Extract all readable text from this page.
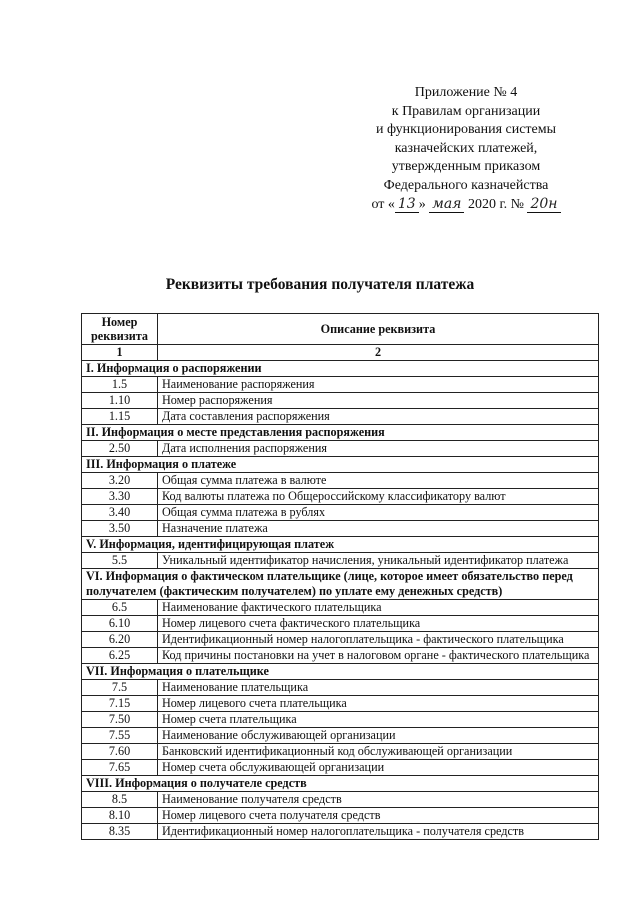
Приложение № 4
к Правилам организации
и функционирования системы
казначейских платежей,
утвержденным приказом
Федерального казначейства
от « 13 » мая 2020 г. № 20н
Реквизиты требования получателя платежа
Номер реквизита	Описание реквизита
1	2
I. Информация о распоряжении	
1.5	Наименование распоряжения
1.10	Номер распоряжения
1.15	Дата составления распоряжения
II. Информация о месте представления распоряжения	
2.50	Дата исполнения распоряжения
III. Информация о платеже	
3.20	Общая сумма платежа в валюте
3.30	Код валюты платежа по Общероссийскому классификатору валют
3.40	Общая сумма платежа в рублях
3.50	Назначение платежа
V. Информация, идентифицирующая платеж	
5.5	Уникальный идентификатор начисления, уникальный идентификатор платежа
VI. Информация о фактическом плательщике (лице, которое имеет обязательство перед получателем (фактическим получателем) по уплате ему денежных средств)	
6.5	Наименование фактического плательщика
6.10	Номер лицевого счета фактического плательщика
6.20	Идентификационный номер налогоплательщика - фактического плательщика
6.25	Код причины постановки на учет в налоговом органе - фактического плательщика
VII. Информация о плательщике	
7.5	Наименование плательщика
7.15	Номер лицевого счета плательщика
7.50	Номер счета плательщика
7.55	Наименование обслуживающей организации
7.60	Банковский идентификационный код обслуживающей организации
7.65	Номер счета обслуживающей организации
VIII. Информация о получателе средств	
8.5	Наименование получателя средств
8.10	Номер лицевого счета получателя средств
8.35	Идентификационный номер налогоплательщика - получателя средств
